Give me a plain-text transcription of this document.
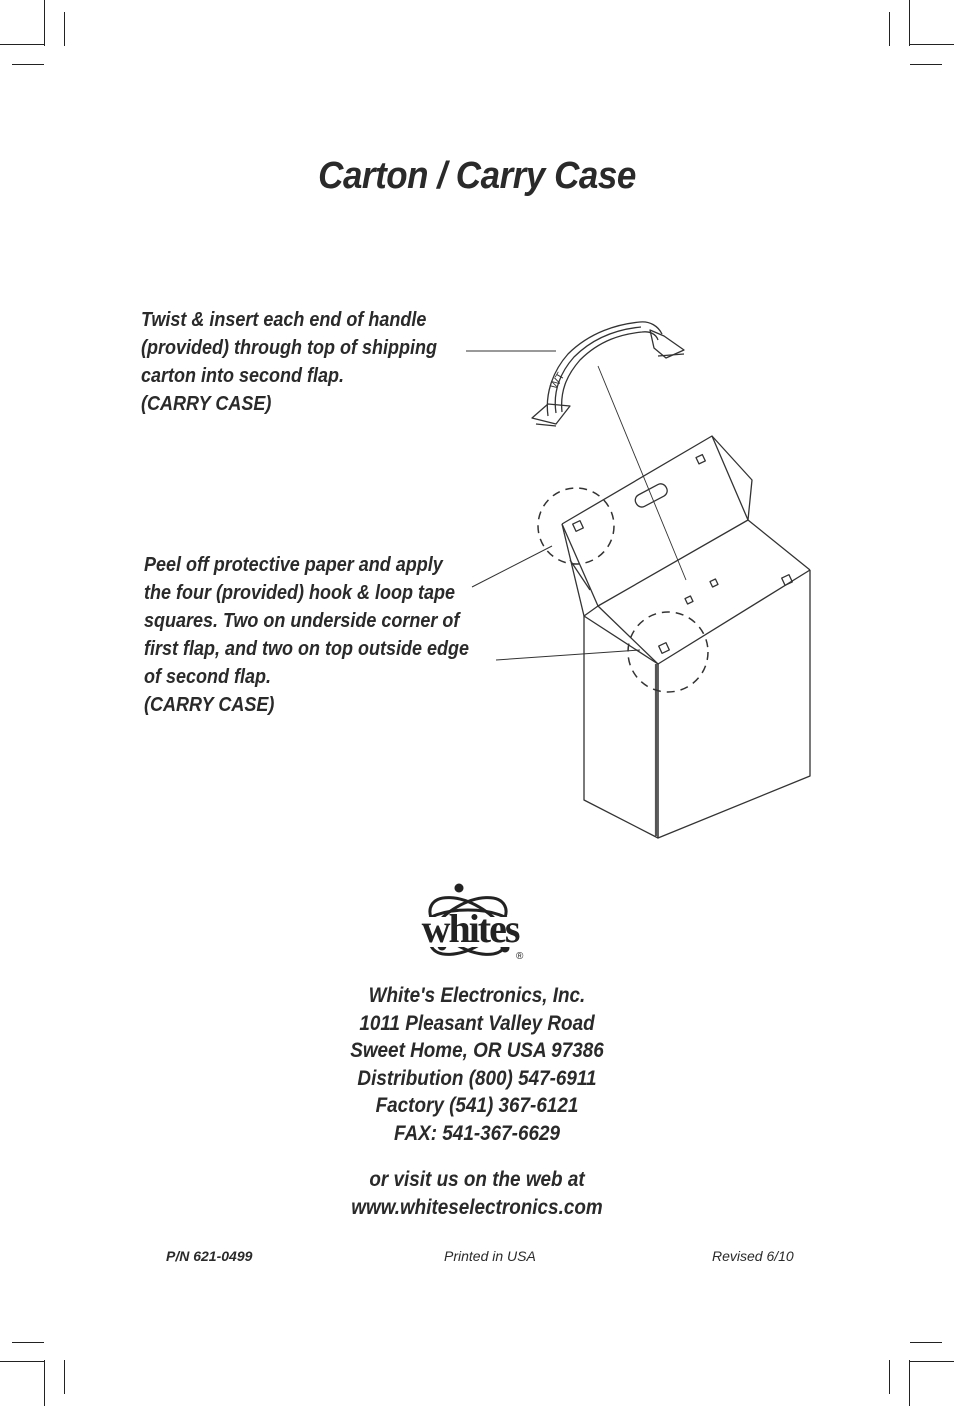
Carton / Carry Case
WT
whites
®
Twist & insert each end of handle
(provided) through top of shipping
carton into second flap.
(CARRY CASE)
Peel off protective paper and apply
the four (provided) hook & loop tape
squares. Two on underside corner of
first flap, and two on top outside edge
of second flap.
(CARRY CASE)
White's Electronics, Inc.
1011 Pleasant Valley Road
Sweet Home, OR USA 97386
Distribution (800) 547-6911
Factory (541) 367-6121
FAX: 541-367-6629
or visit us on the web at
www.whiteselectronics.com
P/N 621-0499	Printed in USA	Revised 6/10
